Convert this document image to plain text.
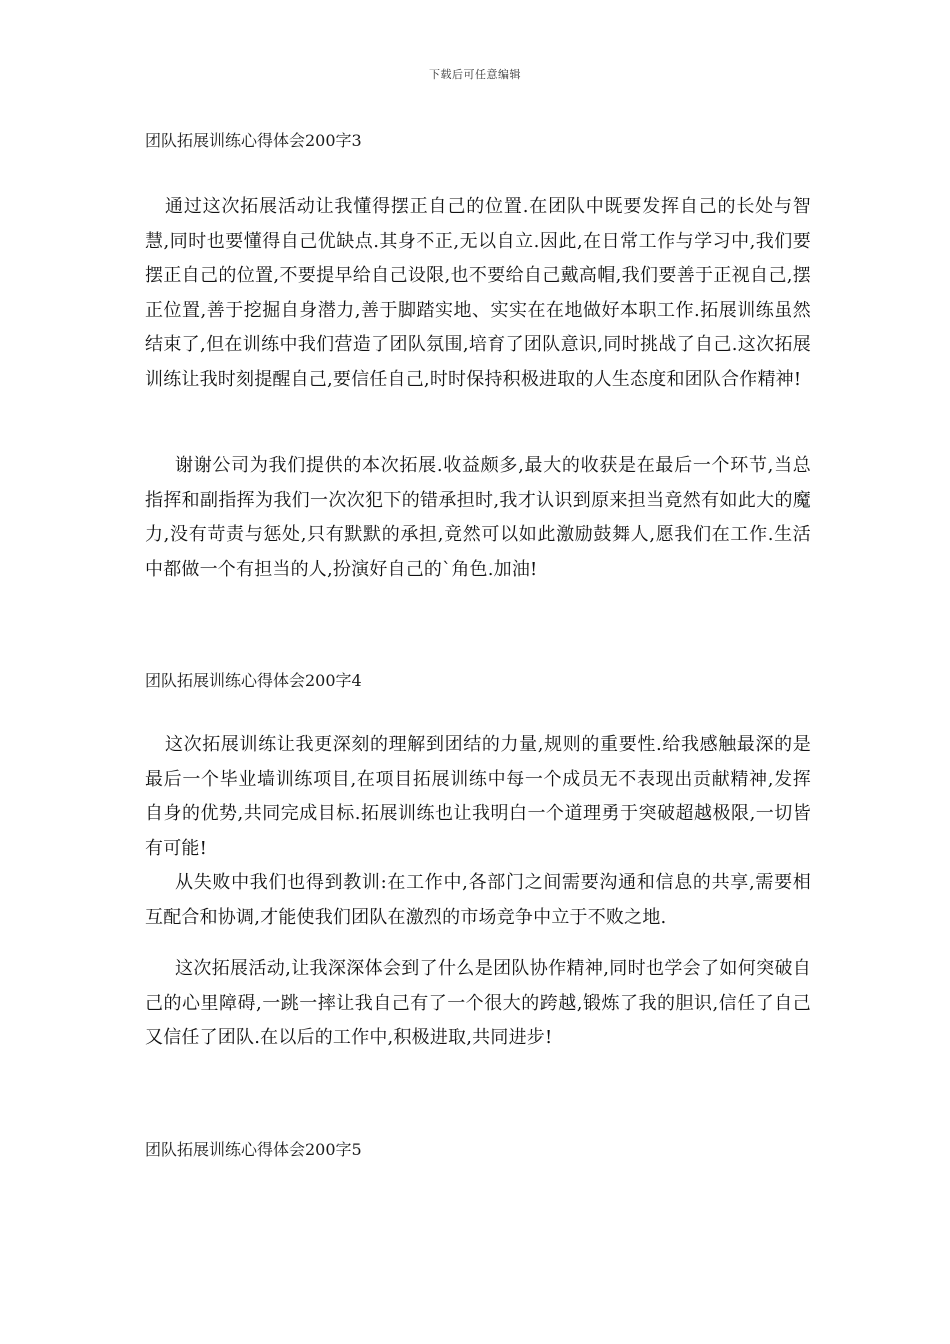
下载后可任意编辑
团队拓展训练心得体会200字3
通过这次拓展活动让我懂得摆正自己的位置.在团队中既要发挥自己的长处与智慧,同时也要懂得自己优缺点.其身不正,无以自立.因此,在日常工作与学习中,我们要摆正自己的位置,不要提早给自己设限,也不要给自己戴高帽,我们要善于正视自己,摆正位置,善于挖掘自身潜力,善于脚踏实地、实实在在地做好本职工作.拓展训练虽然结束了,但在训练中我们营造了团队氛围,培育了团队意识,同时挑战了自己.这次拓展训练让我时刻提醒自己,要信任自己,时时保持积极进取的人生态度和团队合作精神!
谢谢公司为我们提供的本次拓展.收益颇多,最大的收获是在最后一个环节,当总指挥和副指挥为我们一次次犯下的错承担时,我才认识到原来担当竟然有如此大的魔力,没有苛责与惩处,只有默默的承担,竟然可以如此激励鼓舞人,愿我们在工作.生活中都做一个有担当的人,扮演好自己的`角色.加油!
团队拓展训练心得体会200字4
这次拓展训练让我更深刻的理解到团结的力量,规则的重要性.给我感触最深的是最后一个毕业墙训练项目,在项目拓展训练中每一个成员无不表现出贡献精神,发挥自身的优势,共同完成目标.拓展训练也让我明白一个道理勇于突破超越极限,一切皆有可能!
从失败中我们也得到教训:在工作中,各部门之间需要沟通和信息的共享,需要相互配合和协调,才能使我们团队在激烈的市场竞争中立于不败之地.
这次拓展活动,让我深深体会到了什么是团队协作精神,同时也学会了如何突破自己的心里障碍,一跳一摔让我自己有了一个很大的跨越,锻炼了我的胆识,信任了自己又信任了团队.在以后的工作中,积极进取,共同进步!
团队拓展训练心得体会200字5
